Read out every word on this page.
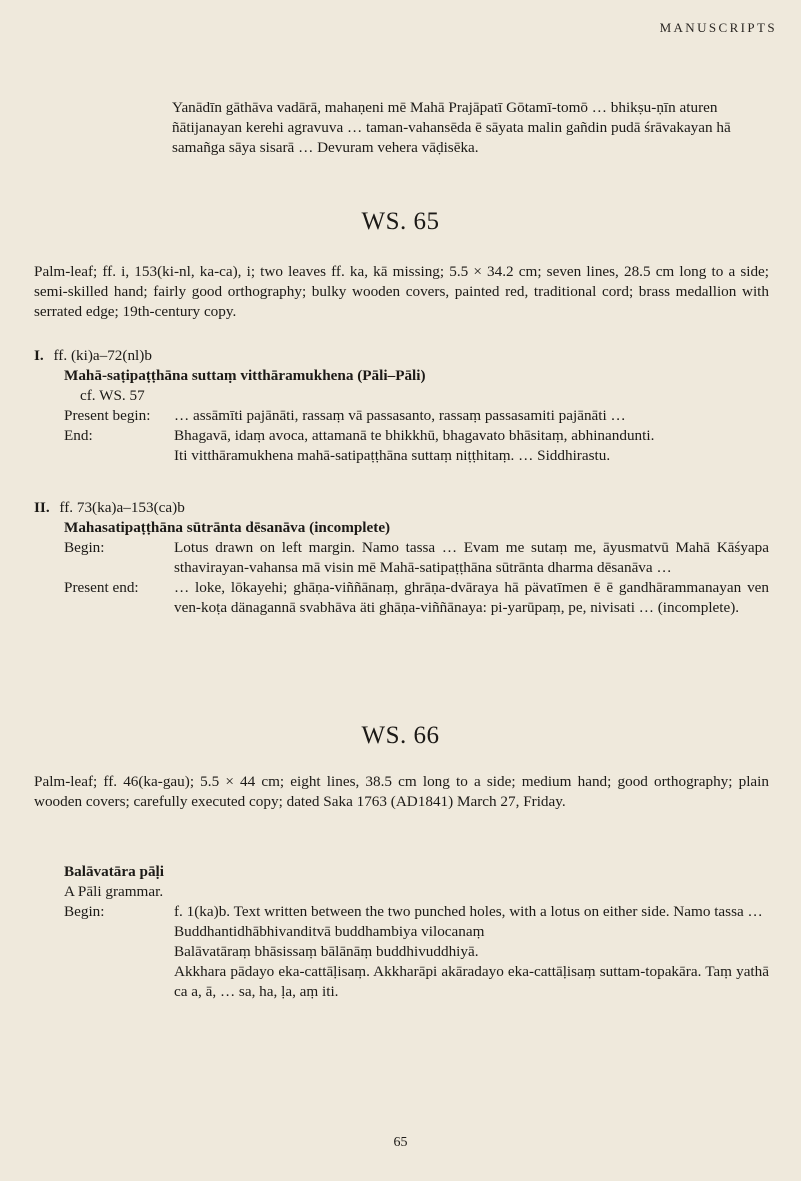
MANUSCRIPTS
Yanādīn gāthāva vadārā, mahaṇeni mē Mahā Prajāpatī Gōtamī-tomō … bhikṣu-ṇīn aturen ñātijanayan kerehi agravuva … taman-vahansēda ē sāyata malin gañdin pudā śrāvakayan hā samañga sāya sisarā … Devuram vehera vāḍisēka.
WS. 65
Palm-leaf; ff. i, 153(ki-nl, ka-ca), i; two leaves ff. ka, kā missing; 5.5 × 34.2 cm; seven lines, 28.5 cm long to a side; semi-skilled hand; fairly good orthography; bulky wooden covers, painted red, traditional cord; brass medallion with serrated edge; 19th-century copy.
I. ff. (ki)a–72(nl)b
Mahā-saṭipaṭṭhāna suttaṃ vitthāramukhena (Pāli–Pāli)
cf. WS. 57
Present begin:	… assāmīti pajānāti, rassaṃ vā passasanto, rassaṃ passasamiti pajānāti …
End:	Bhagavā, idaṃ avoca, attamanā te bhikkhū, bhagavato bhāsitaṃ, abhinandunti.
Iti vitthāramukhena mahā-satipaṭṭhāna suttaṃ niṭṭhitaṃ. … Siddhirastu.
II. ff. 73(ka)a–153(ca)b
Mahasatipaṭṭhāna sūtrānta dēsanāva (incomplete)
Begin:	Lotus drawn on left margin. Namo tassa … Evam me sutaṃ me, āyusmatvū Mahā Kāśyapa sthavirayan-vahansa mā visin mē Mahā-satipaṭṭhāna sūtrānta dharma dēsanāva …
Present end:	… loke, lōkayehi; ghāṇa-viññānaṃ, ghrāṇa-dvāraya hā pävatīmen ē ē gandhārammanayan ven ven-koṭa dänagannā svabhāva äti ghāṇa-viññānaya: pi-yarūpaṃ, pe, nivisati … (incomplete).
WS. 66
Palm-leaf; ff. 46(ka-gau); 5.5 × 44 cm; eight lines, 38.5 cm long to a side; medium hand; good orthography; plain wooden covers; carefully executed copy; dated Saka 1763 (AD1841) March 27, Friday.
Balāvatāra pāḷi
A Pāli grammar.
Begin:	f. 1(ka)b. Text written between the two punched holes, with a lotus on either side. Namo tassa …
Buddhantidhābhivanditvā buddhambiya vilocanaṃ
Balāvatāraṃ bhāsissaṃ bālānāṃ buddhivuddhiyā.
Akkhara pādayo eka-cattāḷisaṃ. Akkharāpi akāradayo eka-cattāḷisaṃ suttam-topakāra. Taṃ yathā ca a, ā, … sa, ha, ḷa, aṃ iti.
65
